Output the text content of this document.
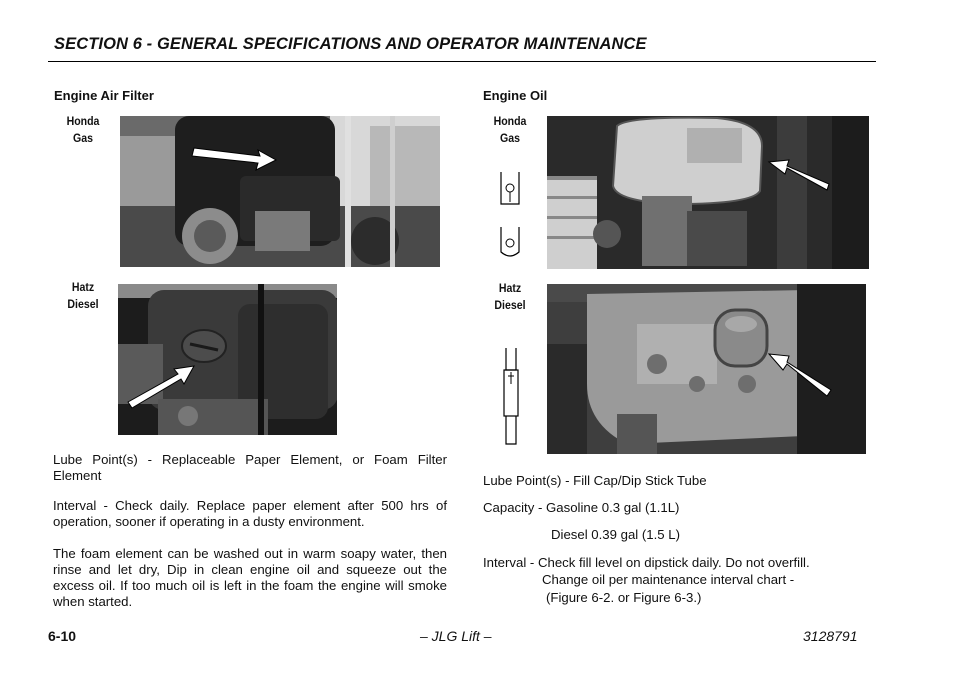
SECTION 6 - GENERAL SPECIFICATIONS AND OPERATOR MAINTENANCE
Engine Air Filter
Honda
Gas
Hatz
Diesel
Lube Point(s) - Replaceable Paper Element, or Foam Filter Element
Interval - Check daily. Replace paper element after 500 hrs of operation, sooner if operating in a dusty environment.
The foam element can be washed out in warm soapy water, then rinse and let dry, Dip in clean engine oil and squeeze out the excess oil. If too much oil is left in the foam the engine will smoke when started.
Engine Oil
Honda
Gas
Hatz
Diesel
Lube Point(s) - Fill Cap/Dip Stick Tube
Capacity - Gasoline 0.3 gal (1.1L)
Diesel 0.39 gal (1.5 L)
Interval - Check fill level on dipstick daily. Do not overfill.
Change oil per maintenance interval chart -
(Figure 6-2. or Figure 6-3.)
6-10	– JLG Lift –	3128791
